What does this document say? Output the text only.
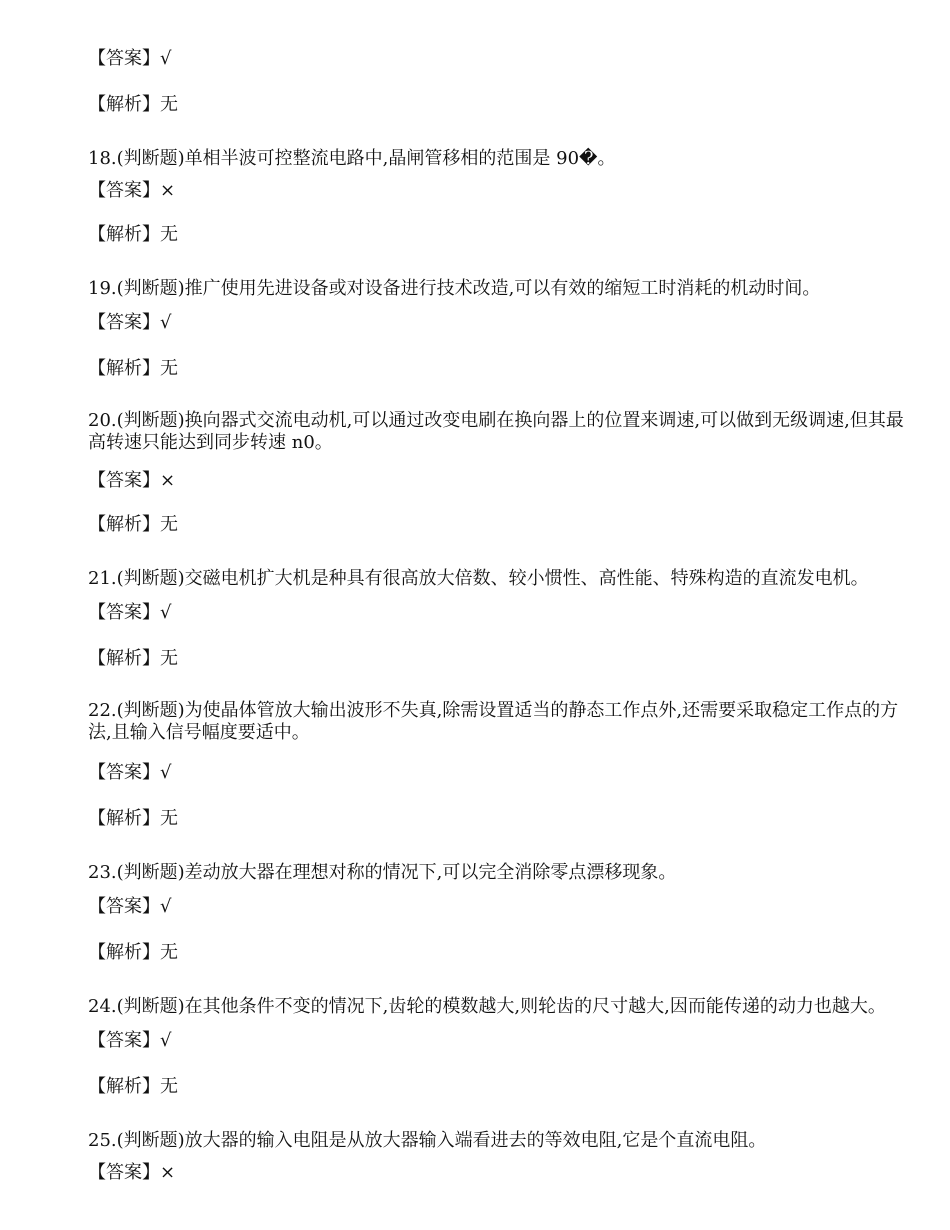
【答案】√
【解析】无
18.(判断题)单相半波可控整流电路中,晶闸管移相的范围是 90�。
【答案】×
【解析】无
19.(判断题)推广使用先进设备或对设备进行技术改造,可以有效的缩短工时消耗的机动时间。
【答案】√
【解析】无
20.(判断题)换向器式交流电动机,可以通过改变电刷在换向器上的位置来调速,可以做到无级调速,但其最高转速只能达到同步转速 n0。
【答案】×
【解析】无
21.(判断题)交磁电机扩大机是种具有很高放大倍数、较小惯性、高性能、特殊构造的直流发电机。
【答案】√
【解析】无
22.(判断题)为使晶体管放大输出波形不失真,除需设置适当的静态工作点外,还需要采取稳定工作点的方法,且输入信号幅度要适中。
【答案】√
【解析】无
23.(判断题)差动放大器在理想对称的情况下,可以完全消除零点漂移现象。
【答案】√
【解析】无
24.(判断题)在其他条件不变的情况下,齿轮的模数越大,则轮齿的尺寸越大,因而能传递的动力也越大。
【答案】√
【解析】无
25.(判断题)放大器的输入电阻是从放大器输入端看进去的等效电阻,它是个直流电阻。
【答案】×
